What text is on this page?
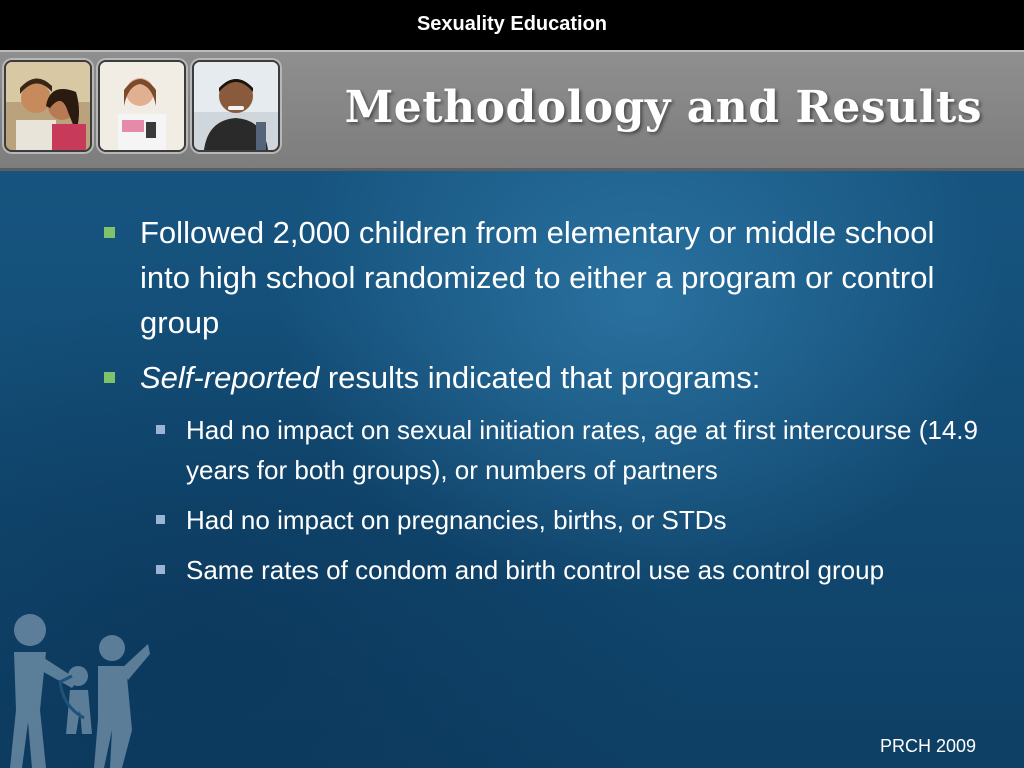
Sexuality Education
Methodology and Results
Followed 2,000 children from elementary or middle school into high school randomized to either a program or control group
Self-reported results indicated that programs:
Had no impact on sexual initiation rates, age at first intercourse (14.9 years for both groups), or numbers of partners
Had no impact on pregnancies, births, or STDs
Same rates of condom and birth control use as control group
PRCH 2009
